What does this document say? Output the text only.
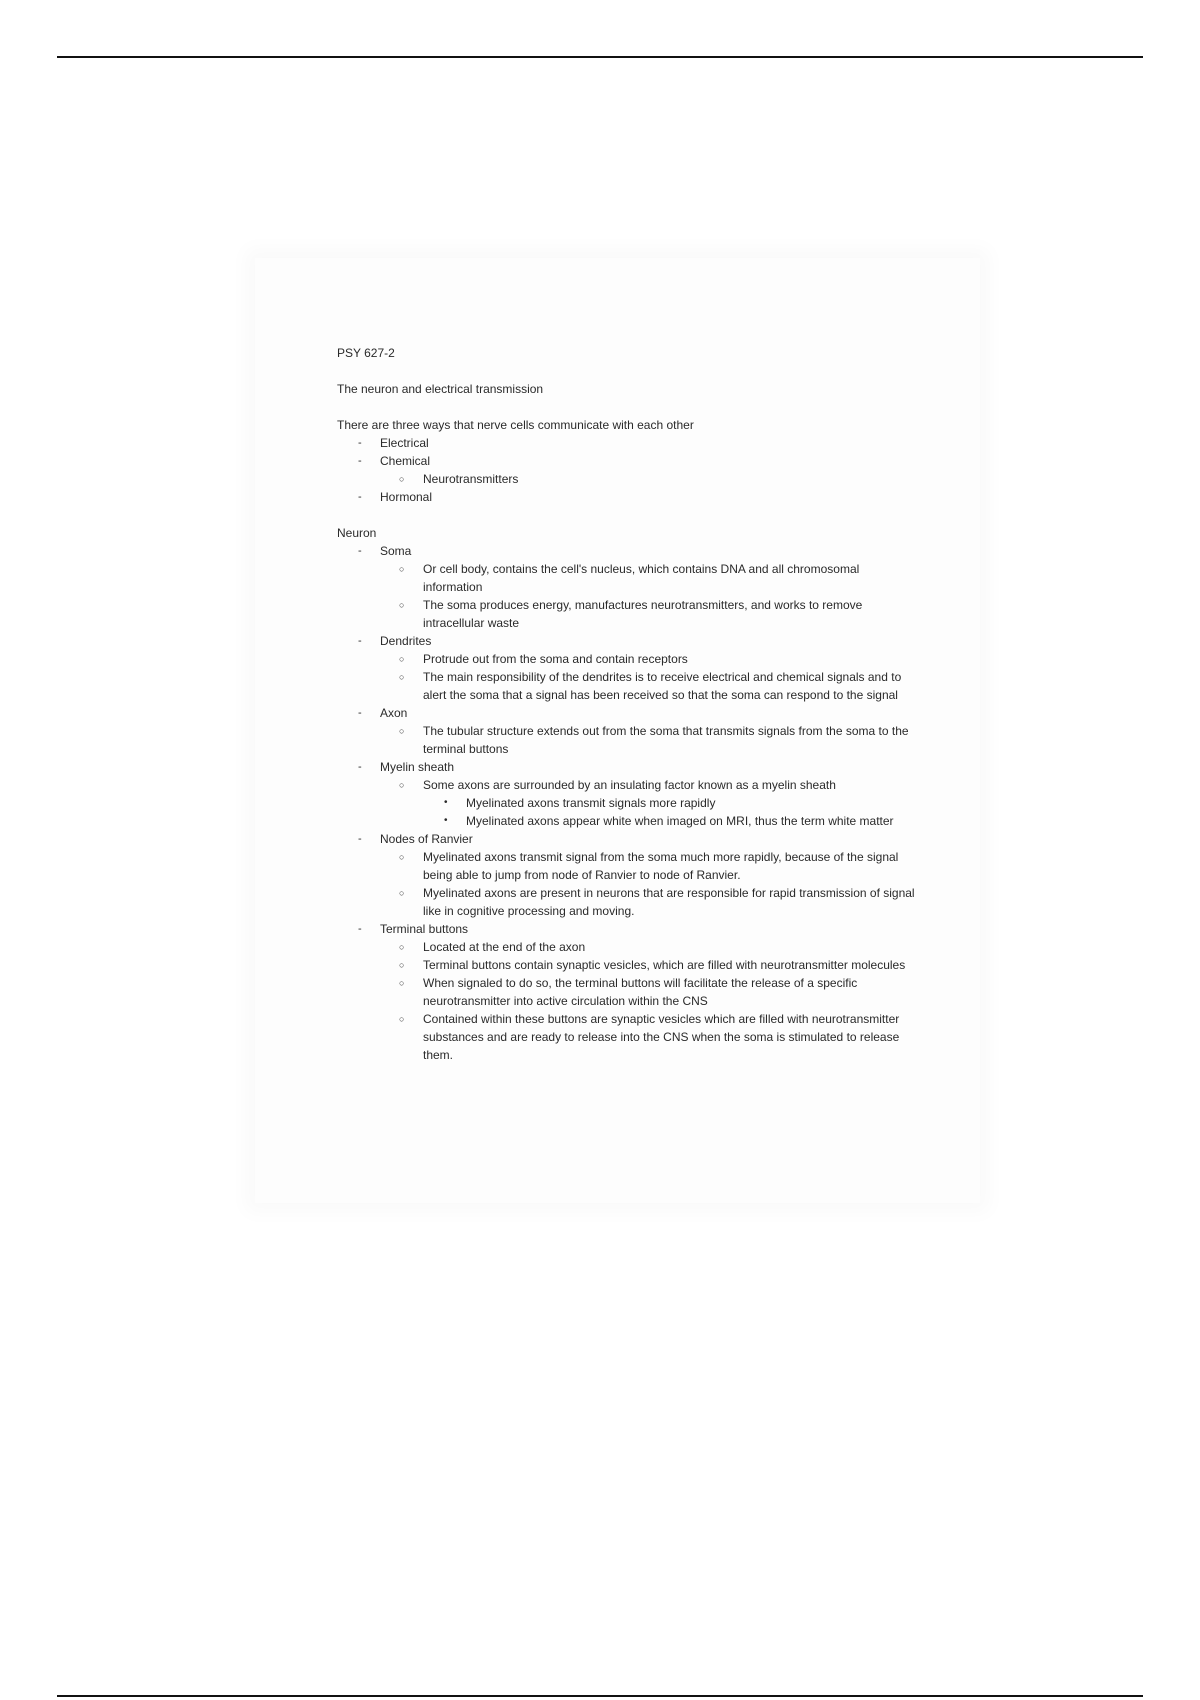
PSY 627-2

The neuron and electrical transmission

There are three ways that nerve cells communicate with each other

- Electrical
- Chemical
○ Neurotransmitters
- Hormonal

Neuron

- Soma
○ Or cell body, contains the cell's nucleus, which contains DNA and all chromosomal information
○ The soma produces energy, manufactures neurotransmitters, and works to remove intracellular waste
- Dendrites
○ Protrude out from the soma and contain receptors
○ The main responsibility of the dendrites is to receive electrical and chemical signals and to alert the soma that a signal has been received so that the soma can respond to the signal
- Axon
○ The tubular structure extends out from the soma that transmits signals from the soma to the terminal buttons
- Myelin sheath
○ Some axons are surrounded by an insulating factor known as a myelin sheath
• Myelinated axons transmit signals more rapidly
• Myelinated axons appear white when imaged on MRI, thus the term white matter
- Nodes of Ranvier
○ Myelinated axons transmit signal from the soma much more rapidly, because of the signal being able to jump from node of Ranvier to node of Ranvier.
○ Myelinated axons are present in neurons that are responsible for rapid transmission of signal like in cognitive processing and moving.
- Terminal buttons
○ Located at the end of the axon
○ Terminal buttons contain synaptic vesicles, which are filled with neurotransmitter molecules
○ When signaled to do so, the terminal buttons will facilitate the release of a specific neurotransmitter into active circulation within the CNS
○ Contained within these buttons are synaptic vesicles which are filled with neurotransmitter substances and are ready to release into the CNS when the soma is stimulated to release them.
